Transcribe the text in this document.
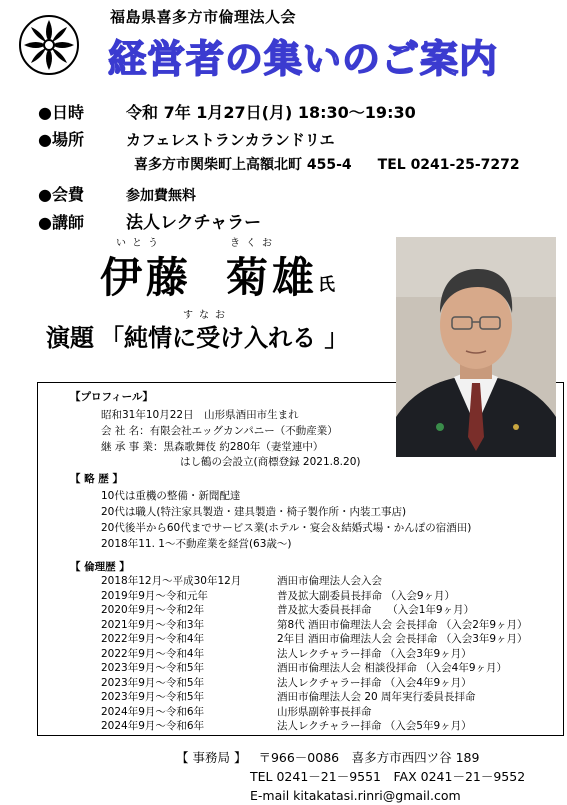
福島県喜多方市倫理法人会
経営者の集いのご案内
●日時	令和 7年 1月27日(月) 18:30～19:30
●場所	カフェレストランカランドリエ
喜多方市関柴町上高額北町 455-4 TEL 0241-25-7272
●会費	参加費無料
●講師 法人レクチャラー
いとう	きくお
伊藤 菊雄 氏
すなお
演題 「純情に受け入れる 」
【プロフィール】
昭和31年10月22日　山形県酒田市生まれ
会 社 名：有限会社エッグカンパニー（不動産業）
継 承 事 業：黒森歌舞伎 約280年（妻堂連中）
はし鶴の会設立(商標登録 2021.8.20)
【 略 歴 】
10代は重機の整備・新聞配達
20代は職人(特注家具製造・建具製造・椅子製作所・内装工事店)
20代後半から60代までサービス業(ホテル・宴会＆結婚式場・かんぽの宿酒田)
2018年11. 1～不動産業を経営(63歳～)
【 倫理歴 】
2018年12月～平成30年12月	酒田市倫理法人会入会
2019年9月～令和元年	普及拡大副委員長拝命 （入会9ヶ月）
2020年9月～令和2年	普及拡大委員長拝命　　（入会1年9ヶ月）
2021年9月～令和3年	第8代 酒田市倫理法人会 会長拝命 （入会2年9ヶ月）
2022年9月～令和4年	2年目 酒田市倫理法人会 会長拝命 （入会3年9ヶ月）
2022年9月～令和4年	法人レクチャラー拝命 （入会3年9ヶ月）
2023年9月～令和5年	酒田市倫理法人会 相談役拝命 （入会4年9ヶ月）
2023年9月～令和5年	法人レクチャラー拝命 （入会4年9ヶ月）
2023年9月～令和5年	酒田市倫理法人会 20 周年実行委員長拝命
2024年9月～令和6年	山形県副幹事長拝命
2024年9月～令和6年	法人レクチャラー拝命 （入会5年9ヶ月）
【 事務局 】 〒966－0086　喜多方市西四ツ谷 189
TEL 0241－21－9551　FAX 0241－21－9552
E-mail kitakatasi.rinri@gmail.com
